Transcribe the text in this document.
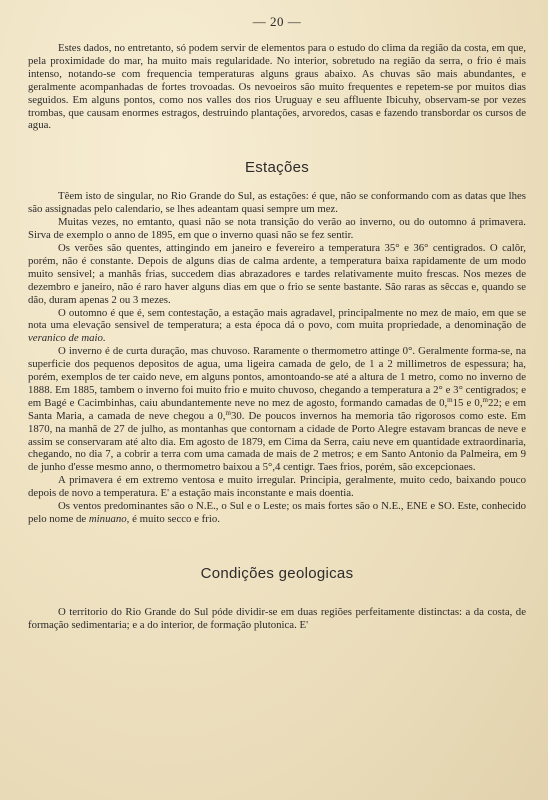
— 20 —

Estes dados, no entretanto, só podem servir de elementos para o estudo do clima da região da costa, em que, pela proximidade do mar, ha muito mais regularidade. No interior, sobretudo na região da serra, o frio é mais intenso, notando-se com frequencia temperaturas alguns graus abaixo. As chuvas são mais abundantes, e geralmente acompanhadas de fortes trovoadas. Os nevoeiros são muito frequentes e repetem-se por muitos dias seguidos. Em alguns pontos, como nos valles dos rios Uruguay e seu affluente Ibicuhy, observam-se por vezes trombas, que causam enormes estragos, destruindo plantações, arvoredos, casas e fazendo transbordar os cursos de agua.

Estações

Têem isto de singular, no Rio Grande do Sul, as estações: é que, não se conformando com as datas que lhes são assignadas pelo calendario, se lhes adeantam quasi sempre um mez.

Muitas vezes, no emtanto, quasi não se nota transição do verão ao inverno, ou do outomno á primavera. Sirva de exemplo o anno de 1895, em que o inverno quasi não se fez sentir.

Os verões são quentes, attingindo em janeiro e fevereiro a temperatura 35° e 36° centigrados. O calôr, porém, não é constante. Depois de alguns dias de calma ardente, a temperatura baixa rapidamente de um modo muito sensivel; a manhãs frias, succedem dias abrazadores e tardes relativamente muito frescas. Nos mezes de dezembro e janeiro, não é raro haver alguns dias em que o frio se sente bastante. São raras as sêccas e, quando se dão, duram apenas 2 ou 3 mezes.

O outomno é que é, sem contestação, a estação mais agradavel, principalmente no mez de maio, em que se nota uma elevação sensivel de temperatura; a esta época dá o povo, com muita propriedade, a denominação de veranico de maio.

O inverno é de curta duração, mas chuvoso. Raramente o thermometro attinge 0°. Geralmente forma-se, na superficie dos pequenos depositos de agua, uma ligeira camada de gelo, de 1 a 2 millimetros de espessura; ha, porém, exemplos de ter caido neve, em alguns pontos, amontoando-se até a altura de 1 metro, como no inverno de 1888. Em 1885, tambem o inverno foi muito frio e muito chuvoso, chegando a temperatura a 2° e 3° centigrados; e em Bagé e Cacimbinhas, caiu abundantemente neve no mez de agosto, formando camadas de 0,$^m$15 e 0,$^m$22; e em Santa Maria, a camada de neve chegou a 0,$^m$30. De poucos invernos ha memoria tão rigorosos como este. Em 1870, na manhã de 27 de julho, as montanhas que contornam a cidade de Porto Alegre estavam brancas de neve e assim se conservaram até alto dia. Em agosto de 1879, em Cima da Serra, caiu neve em quantidade extraordinaria, chegando, no dia 7, a cobrir a terra com uma camada de mais de 2 metros; e em Santo Antonio da Palmeira, em 9 de junho d'esse mesmo anno, o thermometro baixou a 5°,4 centigr. Taes frios, porém, são excepcionaes.

A primavera é em extremo ventosa e muito irregular. Principia, geralmente, muito cedo, baixando pouco depois de novo a temperatura. E' a estação mais inconstante e mais doentia.

Os ventos predominantes são o N.E., o Sul e o Leste; os mais fortes são o N.E., ENE e SO. Este, conhecido pelo nome de minuano, é muito secco e frio.

Condições geologicas

O territorio do Rio Grande do Sul póde dividir-se em duas regiões perfeitamente distinctas: a da costa, de formação sedimentaria; e a do interior, de formação plutonica. E'
